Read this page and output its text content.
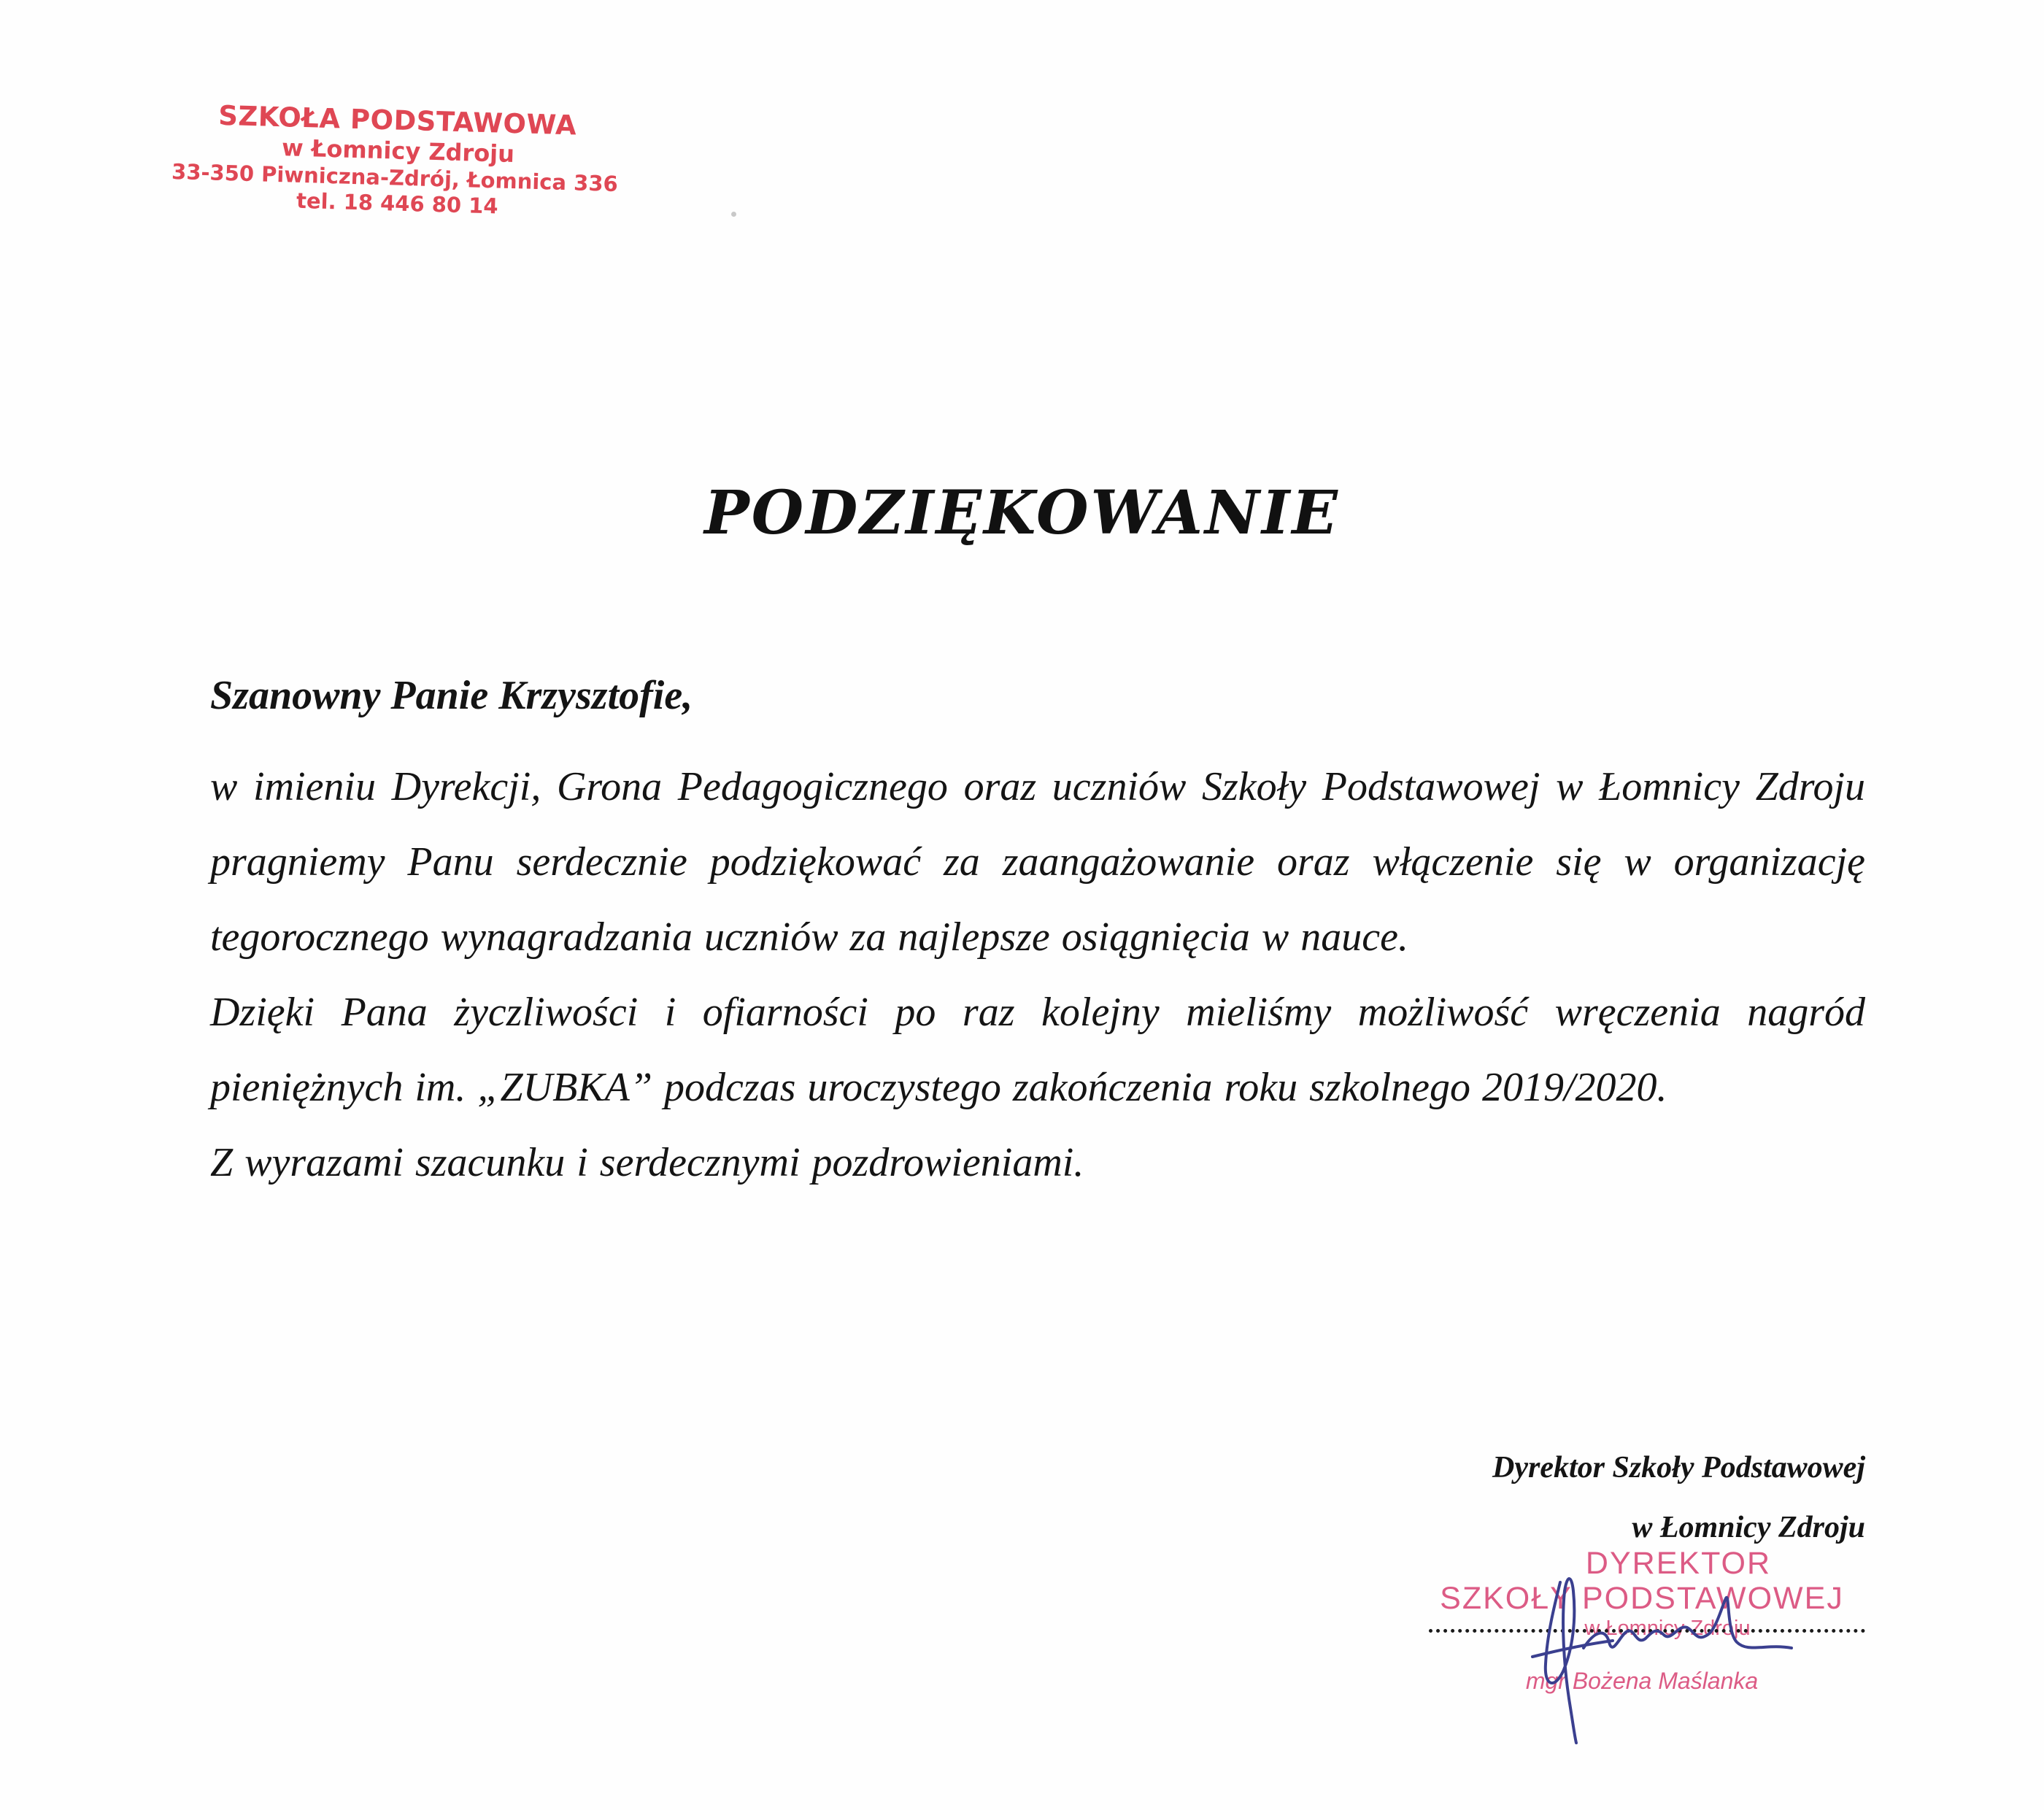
SZKOŁA PODSTAWOWA
w Łomnicy Zdroju
33-350 Piwniczna-Zdrój, Łomnica 336
tel. 18 446 80 14
PODZIĘKOWANIE

Szanowny Panie Krzysztofie,

w imieniu Dyrekcji, Grona Pedagogicznego oraz uczniów Szkoły Podstawowej w Łomnicy Zdroju pragniemy Panu serdecznie podziękować za zaangażowanie oraz włączenie się w organizację tegorocznego wynagradzania uczniów za najlepsze osiągnięcia w nauce.

Dzięki Pana życzliwości i ofiarności po raz kolejny mieliśmy możliwość wręczenia nagród pieniężnych im. „ZUBKA” podczas uroczystego zakończenia roku szkolnego 2019/2020.

Z wyrazami szacunku i serdecznymi pozdrowieniami.

Dyrektor Szkoły Podstawowej
w Łomnicy Zdroju
DYREKTOR
SZKOŁY PODSTAWOWEJ
w Łomnicy Zdroju
mgr Bożena Maślanka
